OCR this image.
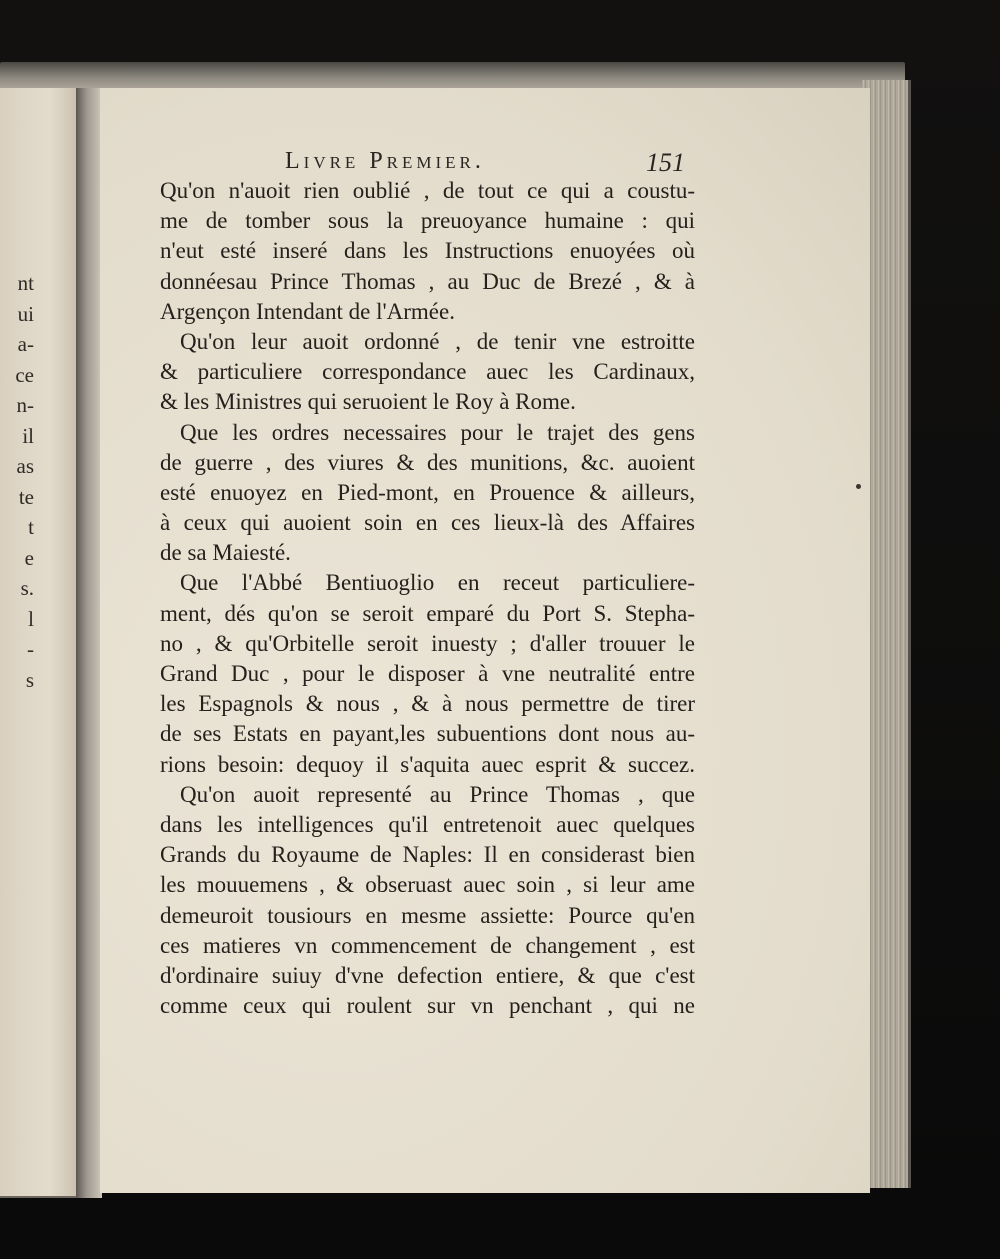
nt
ui
a-
ce
n-
il
as
te
t
e
s.
l
-
s
Livre Premier.	151
Qu'on n'auoit rien oublié , de tout ce qui a coustu-
me de tomber sous la preuoyance humaine : qui
n'eut esté inseré dans les Instructions enuoyées où
donnéesau Prince Thomas , au Duc de Brezé , & à
Argençon Intendant de l'Armée.
Qu'on leur auoit ordonné , de tenir vne estroitte
& particuliere correspondance auec les Cardinaux,
& les Ministres qui seruoient le Roy à Rome.
Que les ordres necessaires pour le trajet des gens
de guerre , des viures & des munitions, &c. auoient
esté enuoyez en Pied-mont, en Prouence & ailleurs,
à ceux qui auoient soin en ces lieux-là des Affaires
de sa Maiesté.
Que l'Abbé Bentiuoglio en receut particuliere-
ment, dés qu'on se seroit emparé du Port S. Stepha-
no , & qu'Orbitelle seroit inuesty ; d'aller trouuer le
Grand Duc , pour le disposer à vne neutralité entre
les Espagnols & nous , & à nous permettre de tirer
de ses Estats en payant,les subuentions dont nous au-
rions besoin: dequoy il s'aquita auec esprit & succez.
Qu'on auoit representé au Prince Thomas , que
dans les intelligences qu'il entretenoit auec quelques
Grands du Royaume de Naples: Il en considerast bien
les mouuemens , & obseruast auec soin , si leur ame
demeuroit tousiours en mesme assiette: Pource qu'en
ces matieres vn commencement de changement , est
d'ordinaire suiuy d'vne defection entiere, & que c'est
comme ceux qui roulent sur vn penchant , qui ne
